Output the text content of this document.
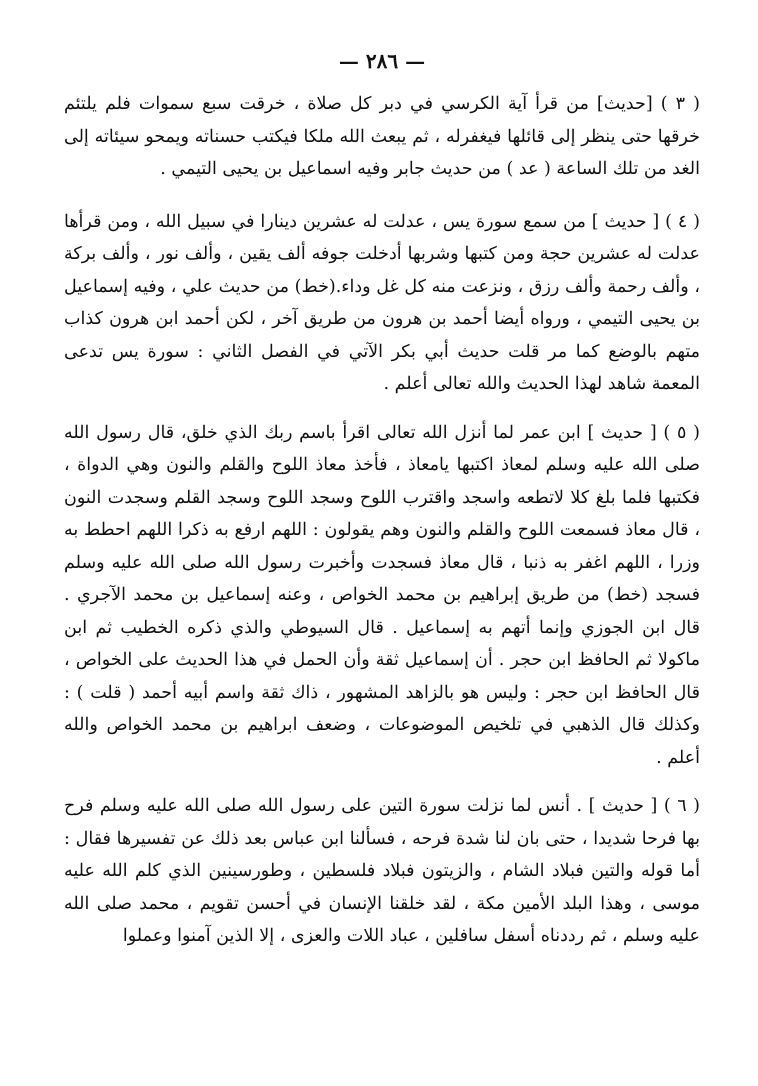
— ٢٨٦ —

( ٣ ) [حديث] من قرأ آية الكرسي في دبر كل صلاة ، خرقت سبع سموات فلم يلتئم خرقها حتى ينظر إلى قائلها فيغفرله ، ثم يبعث الله ملكا فيكتب حسناته ويمحو سيئاته إلى الغد من تلك الساعة ( عد ) من حديث جابر وفيه اسماعيل بن يحيى التيمي .

( ٤ ) [ حديث ] من سمع سورة يس ، عدلت له عشرين دينارا في سبيل الله ، ومن قرأها عدلت له عشرين حجة ومن كتبها وشربها أدخلت جوفه ألف يقين ، وألف نور ، وألف بركة ، وألف رحمة وألف رزق ، ونزعت منه كل غل وداء.(خط) من حديث علي ، وفيه إسماعيل بن يحيى التيمي ، ورواه أيضا أحمد بن هرون من طريق آخر ، لكن أحمد ابن هرون كذاب متهم بالوضع كما مر قلت حديث أبي بكر الآتي في الفصل الثاني : سورة يس تدعى المعمة شاهد لهذا الحديث والله تعالى أعلم .

( ٥ ) [ حديث ] ابن عمر لما أنزل الله تعالى اقرأ باسم ربك الذي خلق، قال رسول الله صلى الله عليه وسلم لمعاذ اكتبها يامعاذ ، فأخذ معاذ اللوح والقلم والنون وهي الدواة ، فكتبها فلما بلغ كلا لاتطعه واسجد واقترب اللوح وسجد اللوح وسجد القلم وسجدت النون ، قال معاذ فسمعت اللوح والقلم والنون وهم يقولون : اللهم ارفع به ذكرا اللهم احطط به وزرا ، اللهم اغفر به ذنبا ، قال معاذ فسجدت وأخبرت رسول الله صلى الله عليه وسلم فسجد (خط) من طريق إبراهيم بن محمد الخواص ، وعنه إسماعيل بن محمد الآجري . قال ابن الجوزي وإنما أتهم به إسماعيل . قال السيوطي والذي ذكره الخطيب ثم ابن ماكولا ثم الحافظ ابن حجر . أن إسماعيل ثقة وأن الحمل في هذا الحديث على الخواص ، قال الحافظ ابن حجر : وليس هو بالزاهد المشهور ، ذاك ثقة واسم أبيه أحمد ( قلت ) : وكذلك قال الذهبي في تلخيص الموضوعات ، وضعف ابراهيم بن محمد الخواص والله أعلم .

( ٦ ) [ حديث ] . أنس لما نزلت سورة التين على رسول الله صلى الله عليه وسلم فرح بها فرحا شديدا ، حتى بان لنا شدة فرحه ، فسألنا ابن عباس بعد ذلك عن تفسيرها فقال : أما قوله والتين فبلاد الشام ، والزيتون فبلاد فلسطين ، وطورسينين الذي كلم الله عليه موسى ، وهذا البلد الأمين مكة ، لقد خلقنا الإنسان في أحسن تقويم ، محمد صلى الله عليه وسلم ، ثم رددناه أسفل سافلين ، عباد اللات والعزى ، إلا الذين آمنوا وعملوا
